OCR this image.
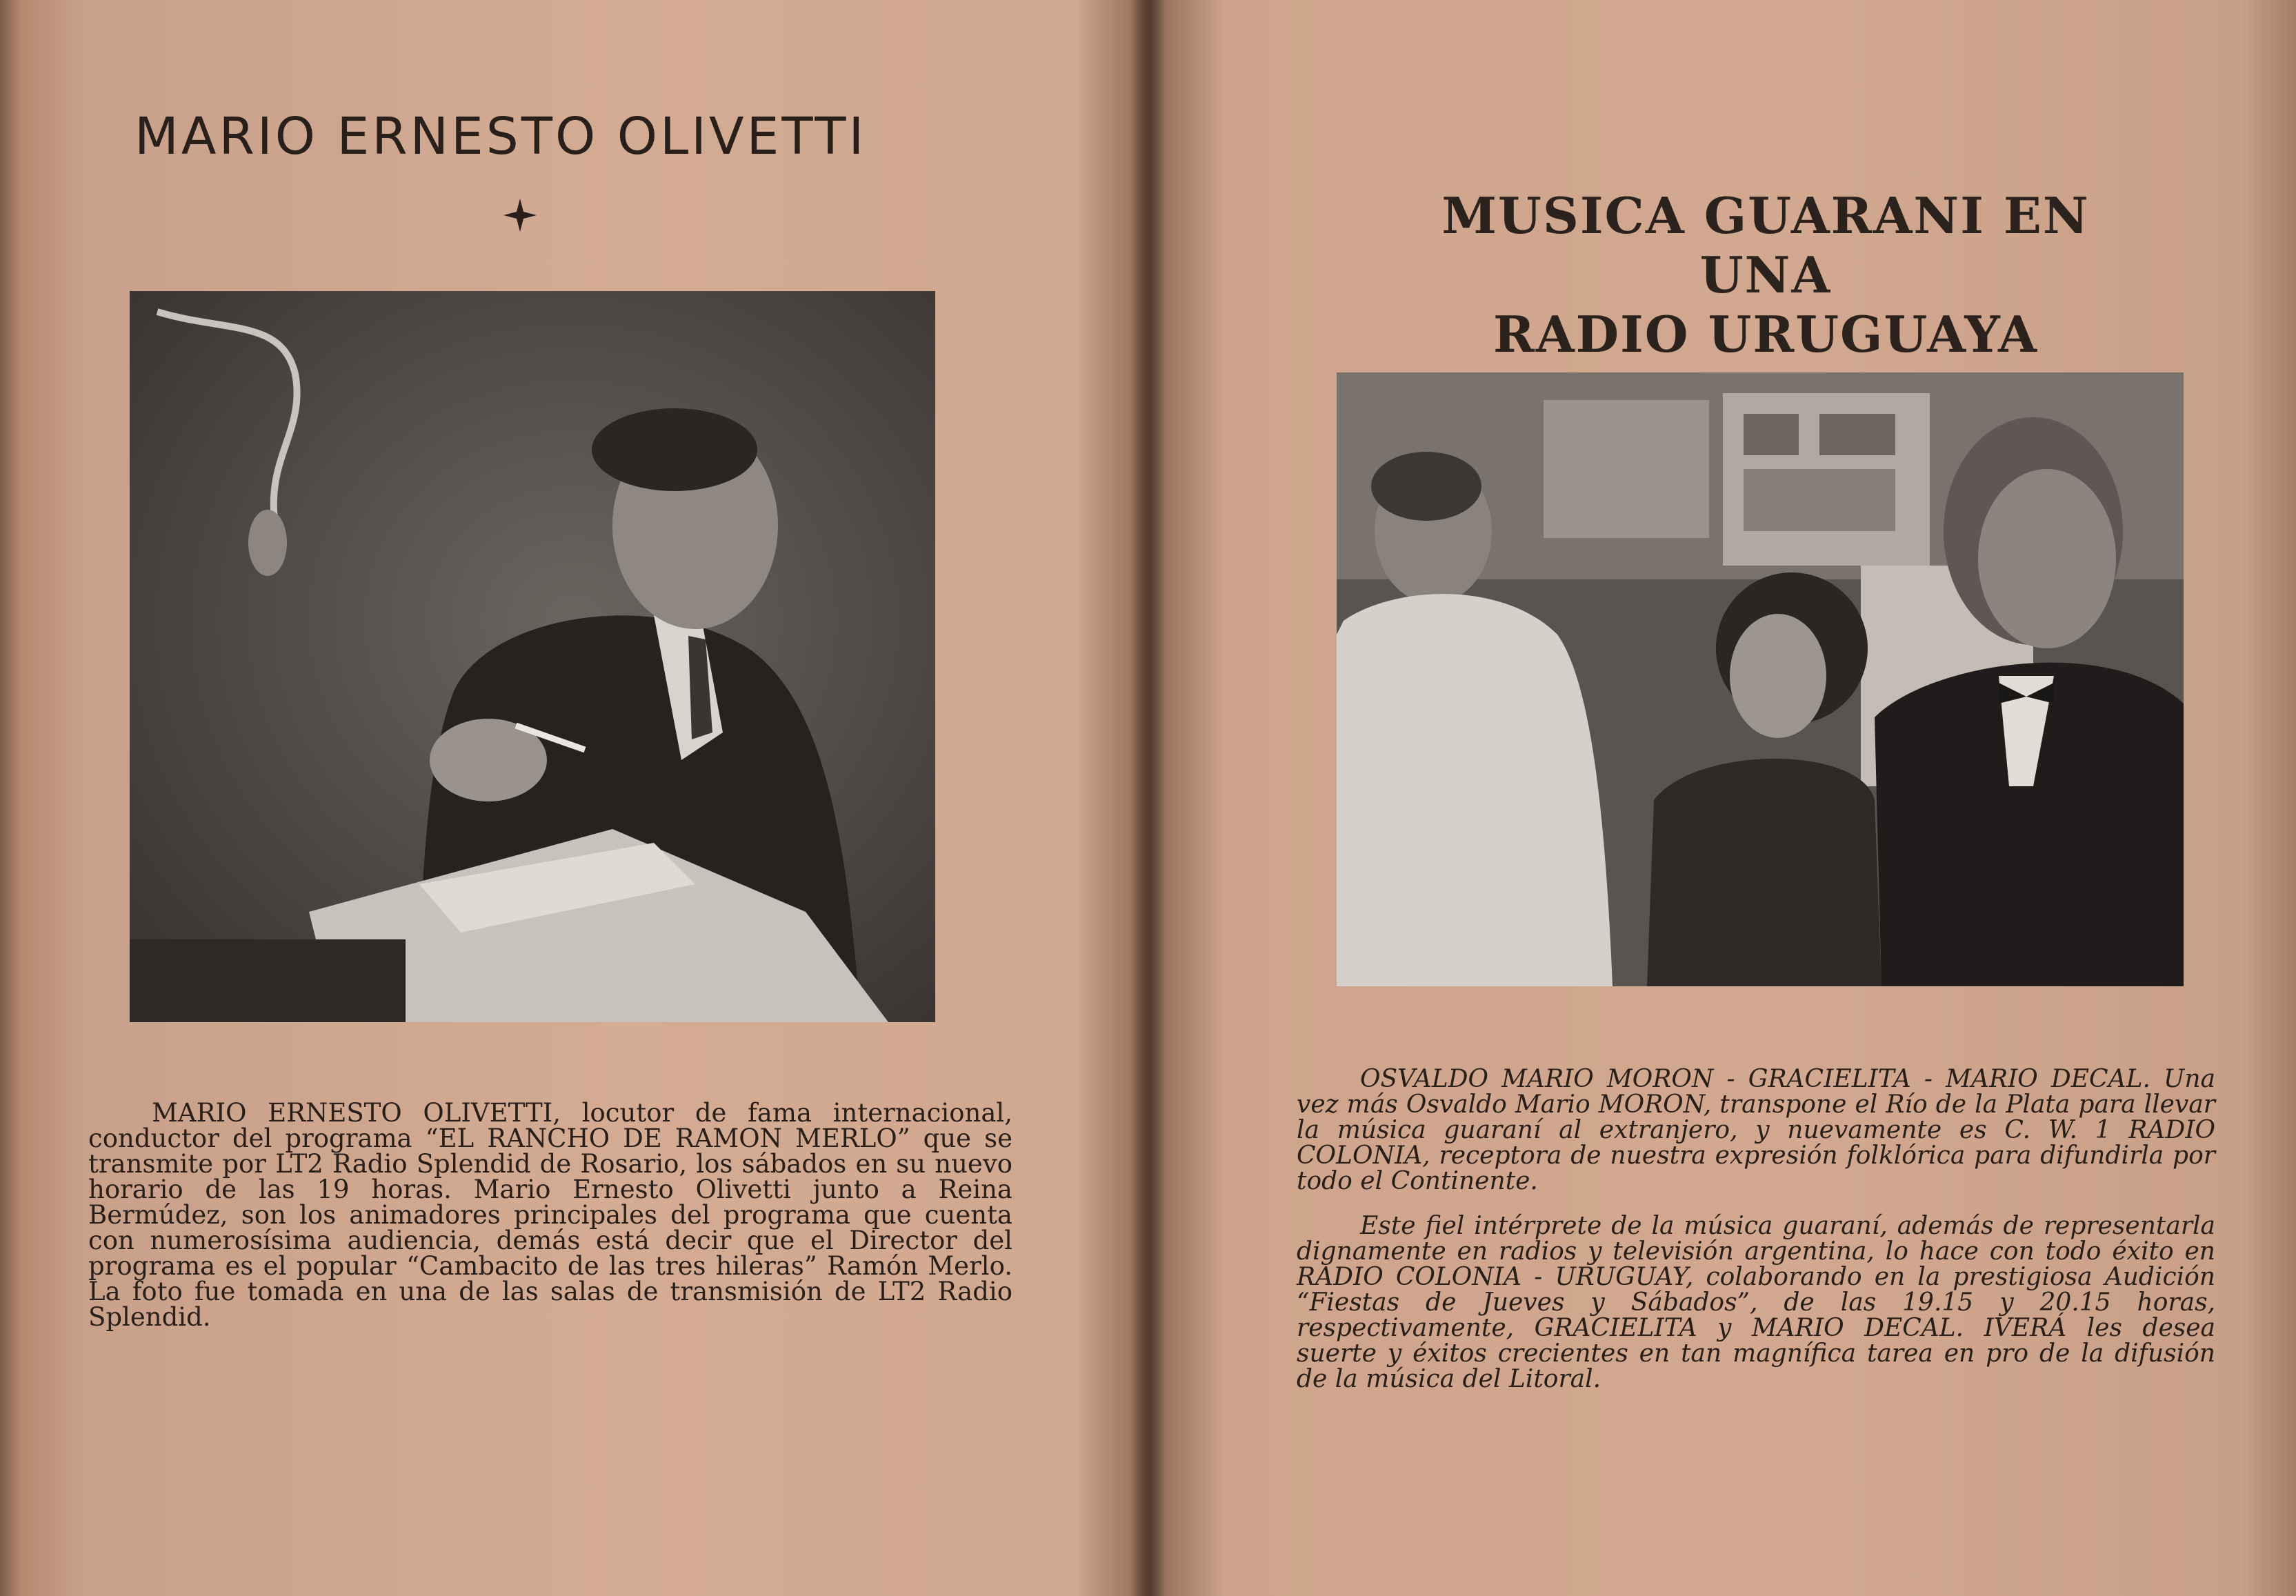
MARIO ERNESTO OLIVETTI

MARIO ERNESTO OLIVETTI, locutor de fama internacional, conductor del programa “EL RANCHO DE RAMON MERLO” que se transmite por LT2 Radio Splendid de Rosario, los sábados en su nuevo horario de las 19 horas. Mario Ernesto Olivetti junto a Reina Bermúdez, son los animadores principales del programa que cuenta con numerosísima audiencia, demás está decir que el Director del programa es el popular “Cambacito de las tres hileras” Ramón Merlo. La foto fue tomada en una de las salas de transmisión de LT2 Radio Splendid.

MUSICA GUARANI EN UNA
RADIO URUGUAYA

OSVALDO MARIO MORON - GRACIELITA - MARIO DECAL. Una vez más Osvaldo Mario MORON, transpone el Río de la Plata para llevar la música guaraní al extranjero, y nuevamente es C. W. 1 RADIO COLONIA, receptora de nuestra expresión folklórica para difundirla por todo el Continente.

Este fiel intérprete de la música guaraní, además de representarla dignamente en radios y televisión argentina, lo hace con todo éxito en RADIO COLONIA - URUGUAY, colaborando en la prestigiosa Audición “Fiestas de Jueves y Sábados”, de las 19.15 y 20.15 horas, respectivamente, GRACIELITA y MARIO DECAL. IVERÁ les desea suerte y éxitos crecientes en tan magnífica tarea en pro de la difusión de la música del Litoral.
